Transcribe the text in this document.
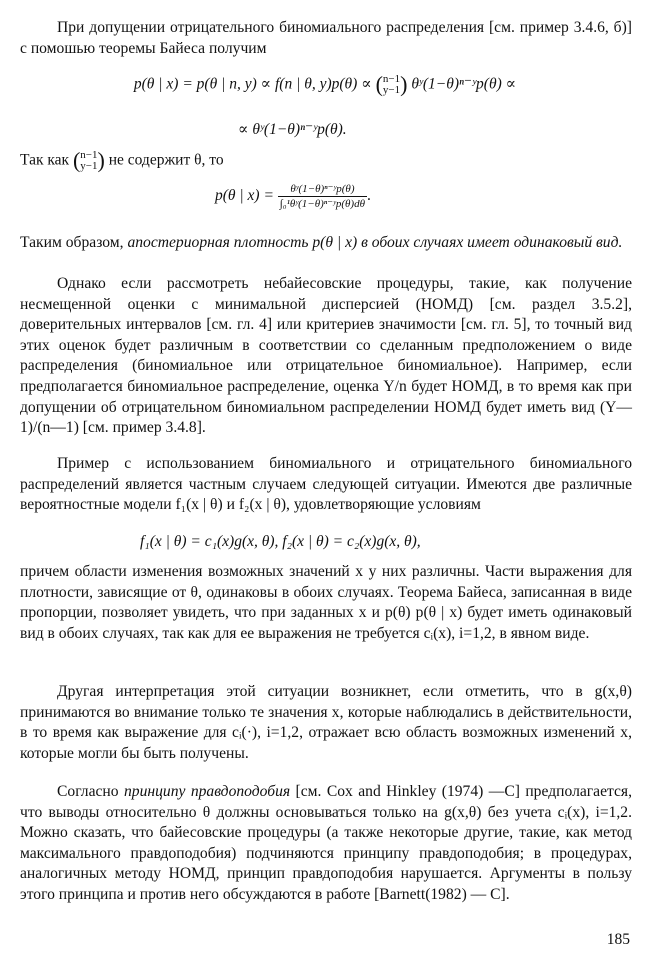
При допущении отрицательного биномиального распределения [см. пример 3.4.6, б)] с помошью теоремы Байеса получим

p(θ | x) = p(θ | n, y) ∝ f(n | θ, y)p(θ) ∝ ( n−1
y−1 ) θʸ(1−θ)ⁿ⁻ʸp(θ) ∝
∝ θʸ(1−θ)ⁿ⁻ʸp(θ).
Так как ( n−1
y−1 ) не содержит θ, то
p(θ | $x) = \frac{\text{θʸ(1−θ)ⁿ⁻ʸp(θ)}}{\text{∫₀¹θʸ(1−θ)ⁿ⁻ʸp(θ)dθ}}$ .

Таким образом, апостериорная плотность p(θ | x) в обоих случаях имеет одинаковый вид.

Однако если рассмотреть небайесовские процедуры, такие, как получение несмещенной оценки с минимальной дисперсией (НОМД) [см. раздел 3.5.2], доверительных интервалов [см. гл. 4] или критериев значимости [см. гл. 5], то точный вид этих оценок будет различным в соответствии со сделанным предположением о виде распределения (биномиальное или отрицательное биномиальное). Например, если предполагается биномиальное распределение, оценка Y/n будет НОМД, в то время как при допущении об отрицательном биномиальном распределении НОМД будет иметь вид (Y—1)/(n—1) [см. пример 3.4.8].

Пример с использованием биномиального и отрицательного биномиального распределений является частным случаем следующей ситуации. Имеются две различные вероятностные модели f₁(x | θ) и f₂(x | θ), удовлетворяющие условиям

f₁(x | θ) = c₁(x)g(x, θ), f₂(x | θ) = c₂(x)g(x, θ),

причем области изменения возможных значений x у них различны. Части выражения для плотности, зависящие от θ, одинаковы в обоих случаях. Теорема Байеса, записанная в виде пропорции, позволяет увидеть, что при заданных x и p(θ) p(θ | x) будет иметь одинаковый вид в обоих случаях, так как для ее выражения не требуется cᵢ(x), i=1,2, в явном виде.

Другая интерпретация этой ситуации возникнет, если отметить, что в g(x,θ) принимаются во внимание только те значения x, которые наблюдались в действительности, в то время как выражение для cᵢ(·), i=1,2, отражает всю область возможных изменений x, которые могли бы быть получены.

Согласно принципу правдоподобия [см. Cox and Hinkley (1974) —C] предполагается, что выводы относительно θ должны основываться только на g(x,θ) без учета cᵢ(x), i=1,2. Можно сказать, что байесовские процедуры (а также некоторые другие, такие, как метод максимального правдоподобия) подчиняются принципу правдоподобия; в процедурах, аналогичных методу НОМД, принцип правдоподобия нарушается. Аргументы в пользу этого принципа и против него обсуждаются в работе [Barnett(1982) — C].

185
